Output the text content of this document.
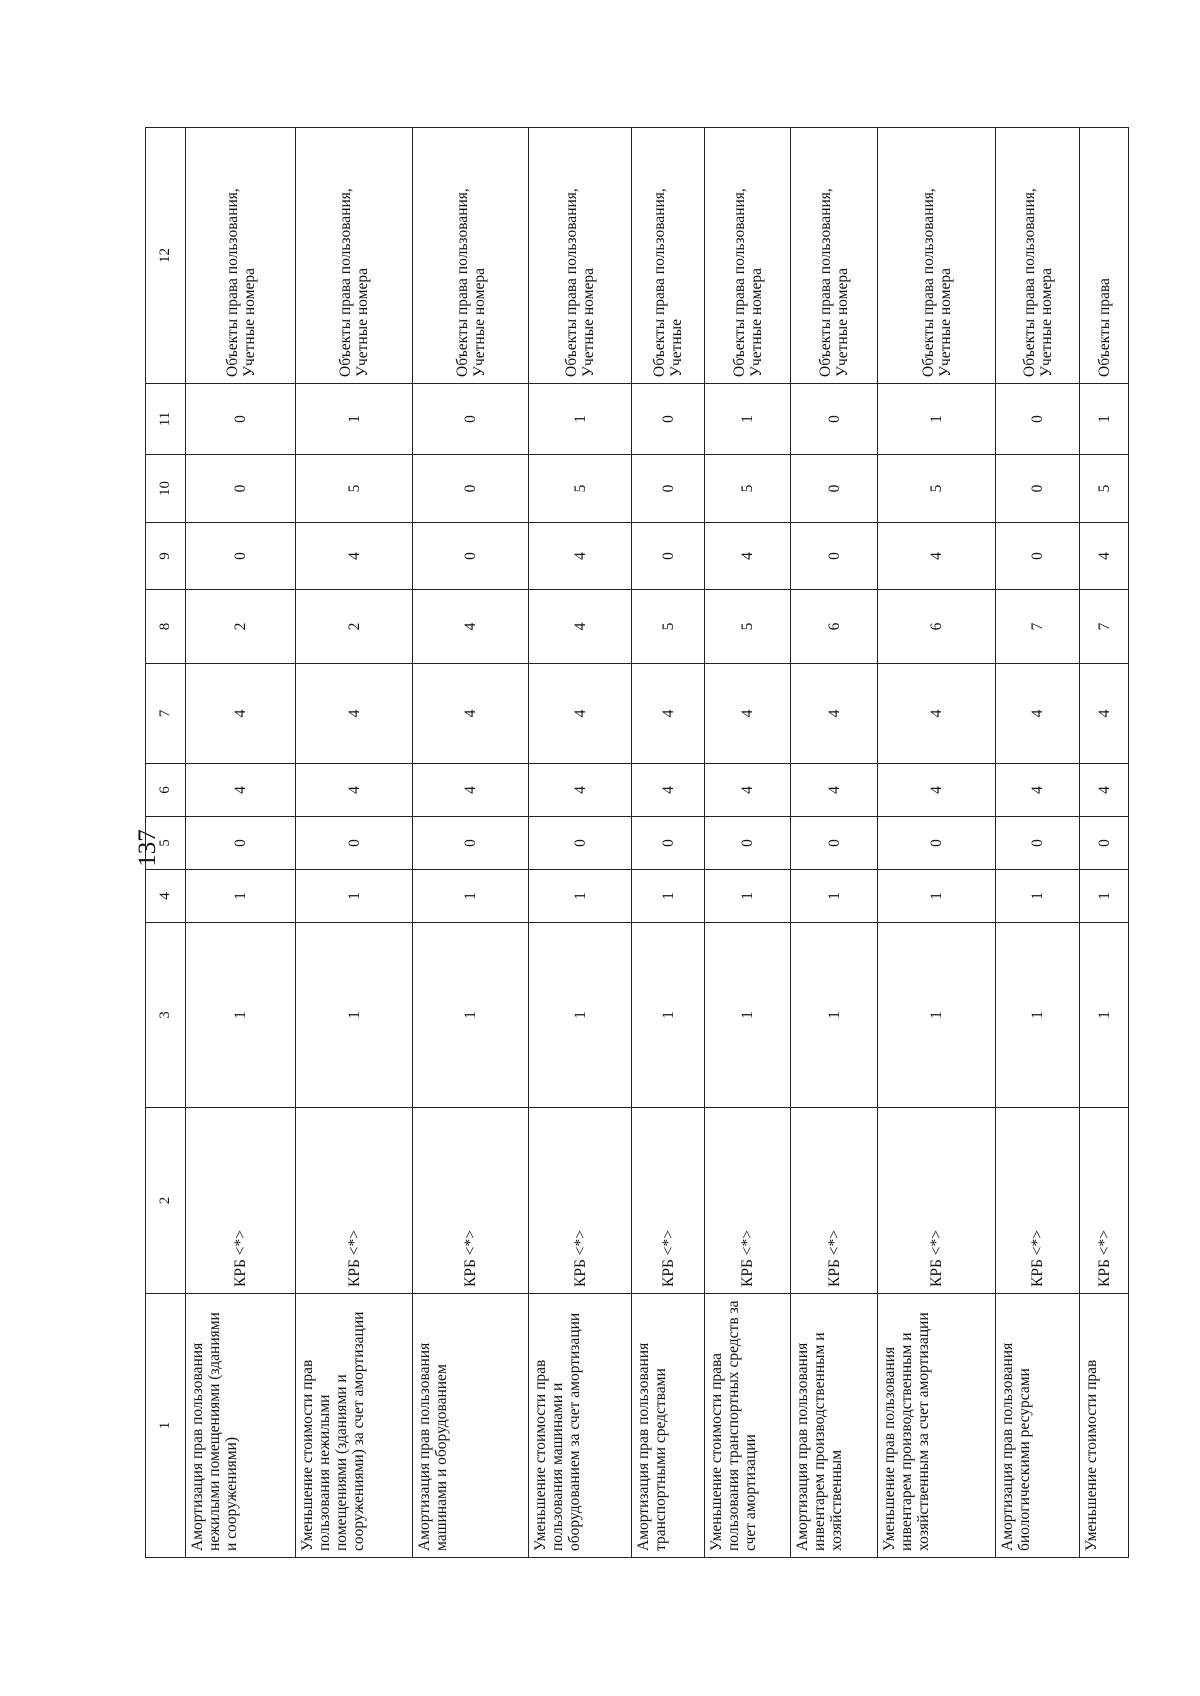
137
1	2	3	4	5	6	7	8	9	10	11	12
Амортизация прав пользования нежилыми помещениями (зданиями и сооружениями)	КРБ <*>	1	1	0	4	4	2	0	0	0	Объекты права пользования, Учетные номера
Уменьшение стоимости прав пользования нежилыми помещениями (зданиями и сооружениями) за счет амортизации	КРБ <*>	1	1	0	4	4	2	4	5	1	Объекты права пользования, Учетные номера
Амортизация прав пользования машинами и оборудованием	КРБ <*>	1	1	0	4	4	4	0	0	0	Объекты права пользования, Учетные номера
Уменьшение стоимости прав пользования машинами и оборудованием за счет амортизации	КРБ <*>	1	1	0	4	4	4	4	5	1	Объекты права пользования, Учетные номера
Амортизация прав пользования транспортными средствами	КРБ <*>	1	1	0	4	4	5	0	0	0	Объекты права пользования, Учетные
Уменьшение стоимости права пользования транспортных средств за счет амортизации	КРБ <*>	1	1	0	4	4	5	4	5	1	Объекты права пользования, Учетные номера
Амортизация прав пользования инвентарем производственным и хозяйственным	КРБ <*>	1	1	0	4	4	6	0	0	0	Объекты права пользования, Учетные номера
Уменьшение прав пользования инвентарем производственным и хозяйственным за счет амортизации	КРБ <*>	1	1	0	4	4	6	4	5	1	Объекты права пользования, Учетные номера
Амортизация прав пользования биологическими ресурсами	КРБ <*>	1	1	0	4	4	7	0	0	0	Объекты права пользования, Учетные номера
Уменьшение стоимости прав	КРБ <*>	1	1	0	4	4	7	4	5	1	Объекты права
